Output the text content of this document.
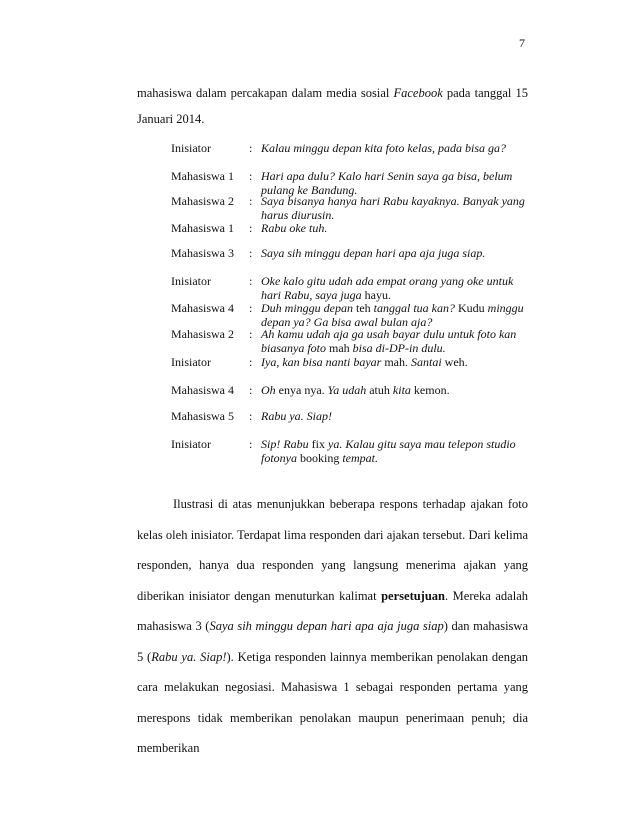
7

mahasiswa dalam percakapan dalam media sosial Facebook pada tanggal 15 Januari 2014.

Inisiator	: Kalau minggu depan kita foto kelas, pada bisa ga?
Mahasiswa 1	: Hari apa dulu? Kalo hari Senin saya ga bisa, belum pulang ke Bandung.
Mahasiswa 2	: Saya bisanya hanya hari Rabu kayaknya. Banyak yang harus diurusin.
Mahasiswa 1	: Rabu oke tuh.
Mahasiswa 3	: Saya sih minggu depan hari apa aja juga siap.
Inisiator	: Oke kalo gitu udah ada empat orang yang oke untuk hari Rabu, saya juga hayu.
Mahasiswa 4	: Duh minggu depan teh tanggal tua kan? Kudu minggu depan ya? Ga bisa awal bulan aja?
Mahasiswa 2	: Ah kamu udah aja ga usah bayar dulu untuk foto kan biasanya foto mah bisa di-DP-in dulu.
Inisiator	: Iya, kan bisa nanti bayar mah. Santai weh.
Mahasiswa 4	: Oh enya nya. Ya udah atuh kita kemon.
Mahasiswa 5	: Rabu ya. Siap!
Inisiator	: Sip! Rabu fix ya. Kalau gitu saya mau telepon studio fotonya booking tempat.

Ilustrasi di atas menunjukkan beberapa respons terhadap ajakan foto kelas oleh inisiator. Terdapat lima responden dari ajakan tersebut. Dari kelima responden, hanya dua responden yang langsung menerima ajakan yang diberikan inisiator dengan menuturkan kalimat persetujuan. Mereka adalah mahasiswa 3 (Saya sih minggu depan hari apa aja juga siap) dan mahasiswa 5 (Rabu ya. Siap!). Ketiga responden lainnya memberikan penolakan dengan cara melakukan negosiasi. Mahasiswa 1 sebagai responden pertama yang merespons tidak memberikan penolakan maupun penerimaan penuh; dia memberikan
